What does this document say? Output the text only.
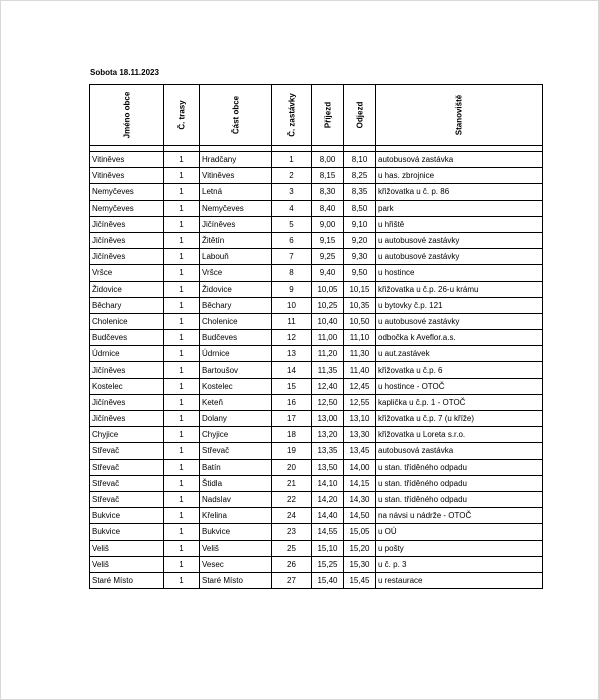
Sobota 18.11.2023
Jméno obce	Č. trasy	Část obce	Č. zastávky	Příjezd	Odjezd	Stanoviště

Vitiněves	1	Hradčany	1	8,00	8,10	autobusová zastávka
Vitiněves	1	Vitiněves	2	8,15	8,25	u has. zbrojnice
Nemyčeves	1	Letná	3	8,30	8,35	křižovatka u č. p. 86
Nemyčeves	1	Nemyčeves	4	8,40	8,50	park
Jičíněves	1	Jičíněves	5	9,00	9,10	u hřiště
Jičíněves	1	Žitětín	6	9,15	9,20	u autobusové zastávky
Jičíněves	1	Labouň	7	9,25	9,30	u autobusové zastávky
Vršce	1	Vršce	8	9,40	9,50	u hostince
Židovice	1	Židovice	9	10,05	10,15	křižovatka u č.p. 26-u krámu
Běchary	1	Běchary	10	10,25	10,35	u bytovky č.p. 121
Cholenice	1	Cholenice	11	10,40	10,50	u autobusové zastávky
Budčeves	1	Budčeves	12	11,00	11,10	odbočka k Aveflor.a.s.
Údrnice	1	Údrnice	13	11,20	11,30	u aut.zastávek
Jičíněves	1	Bartoušov	14	11,35	11,40	křižovatka u č.p. 6
Kostelec	1	Kostelec	15	12,40	12,45	u hostince - OTOČ
Jičíněves	1	Keteň	16	12,50	12,55	kaplička u č.p. 1 - OTOČ
Jičíněves	1	Dolany	17	13,00	13,10	křižovatka u č.p. 7 (u kříže)
Chyjice	1	Chyjice	18	13,20	13,30	křižovatka u Loreta s.r.o.
Střevač	1	Střevač	19	13,35	13,45	autobusová zastávka
Střevač	1	Batín	20	13,50	14,00	u stan. tříděného odpadu
Střevač	1	Štidla	21	14,10	14,15	u stan. tříděného odpadu
Střevač	1	Nadslav	22	14,20	14,30	u stan. tříděného odpadu
Bukvice	1	Křelina	24	14,40	14,50	na návsi u nádrže - OTOČ
Bukvice	1	Bukvice	23	14,55	15,05	u OÚ
Veliš	1	Veliš	25	15,10	15,20	u pošty
Veliš	1	Vesec	26	15,25	15,30	u č. p. 3
Staré Místo	1	Staré Místo	27	15,40	15,45	u restaurace
